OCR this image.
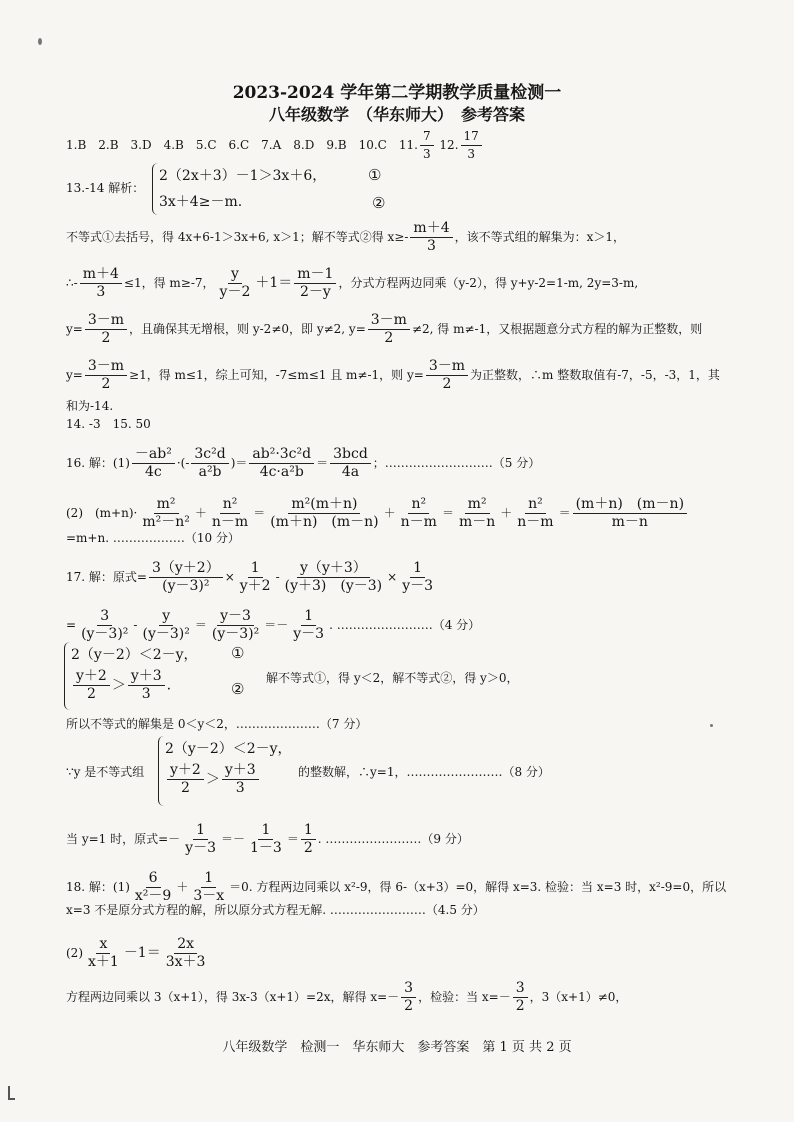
2023-2024 学年第二学期教学质量检测一
八年级数学　（华东师大）　参考答案
1.B　2.B　3.D　4.B　5.C　6.C　7.A　8.D　9.B　10.C　11. $\frac{7}{3} 12$. $\frac{17}{3}$
13.-14 解析：
2（2x＋3）－1＞3x＋6，
3x＋4≥－m.
①
②
不等式①去括号，得 4x+6-1＞3x+6, x＞1；解不等式②得 $x\ge- \frac{m+4}{3}$ ，该不等式组的解集为：x＞1，
∴- $\frac{m+4}{3} \le 1$，得 m≥-7， $\frac{y}{y-2} +1= \frac{m-1}{2-y}$ ，分式方程两边同乘（y-2），得 y+y-2=1-m, 2y=3-m,
$y= \frac{3-m}{2}$ ，且确保其无增根，则 y-2≠0，即 y≠2, $y= \frac{3-m}{2} \ne 2$, 得 m≠-1，又根据题意分式方程的解为正整数，则
$y= \frac{3-m}{2} \ge 1$，得 m≤1，综上可知，-7≤m≤1 且 m≠-1，则 $y= \frac{3-m}{2}$ 为正整数，∴m 整数取值有-7，-5，-3，1，其
和为-14.
14. -3　15. 50
16. 解：$(1) \frac{\text{－ab²}}{4c}$ ·(- $\frac{\text{3c²d}}{\text{a²b}}$ )＝ $\frac{\text{ab²·3c²d}}{\text{4c·a²b}} = \frac{\text{3bcd}}{4a}$ ；………………………（5 分）
(2)　$(m+n)\cdot \frac{\text{m²}}{\text{m²－n²}} + \frac{\text{n²}}{n-m} = \frac{\text{m²(m＋n)}}{(m+n) (m-n)} + \frac{\text{n²}}{n-m} = \frac{\text{m²}}{m-n} + \frac{\text{n²}}{n-m} = \frac{(m+n) (m-n)}{m-n}$
=m+n. ………………（10 分）
17. 解：原式= $\frac{3(y+2)}{\text{(y－3)²}} \times \frac{1}{y+2} - \frac{y(y+3)}{(y+3) (y-3)} \times \frac{1}{y-3}$
= $\frac{3}{\text{(y－3)²}} - \frac{y}{\text{(y－3)²}} = \frac{y-3}{\text{(y－3)²}} =- \frac{1}{y-3}$ . ……………………（4 分）
2（y－2）＜2－y，
$\frac{y+2}{2} > \frac{y+3}{3}$ .
①
②
解不等式①，得 y＜2，解不等式②，得 y＞0，
所以不等式的解集是 0＜y＜2，…………………（7 分）
∵y 是不等式组
2（y－2）＜2－y，
$\frac{y+2}{2} > \frac{y+3}{3}$	的整数解，∴y=1，……………………（8 分）
当 y=1 时，原式=－ $\frac{1}{y-3} =- \frac{1}{1-3} = \frac{1}{2}$ . ……………………（9 分）
18. 解：$(1) \frac{6}{\text{x²－9}} + \frac{1}{3-x} =0$. 方程两边同乘以 x²-9，得 6-（x+3）=0，解得 x=3. 检验：当 x=3 时，x²-9=0，所以
x=3 不是原分式方程的解，所以原分式方程无解. ……………………（4.5 分）
$(2) \frac{x}{x+1} -1= \frac{2x}{3x+3}$
方程两边同乘以 3（x+1），得 3x-3（x+1）=2x，解得 $x=- \frac{3}{2}$ ，检验：当 $x=- \frac{3}{2}$ ，3（x+1）≠0，
八年级数学　检测一　华东师大　参考答案　第 1 页 共 2 页
